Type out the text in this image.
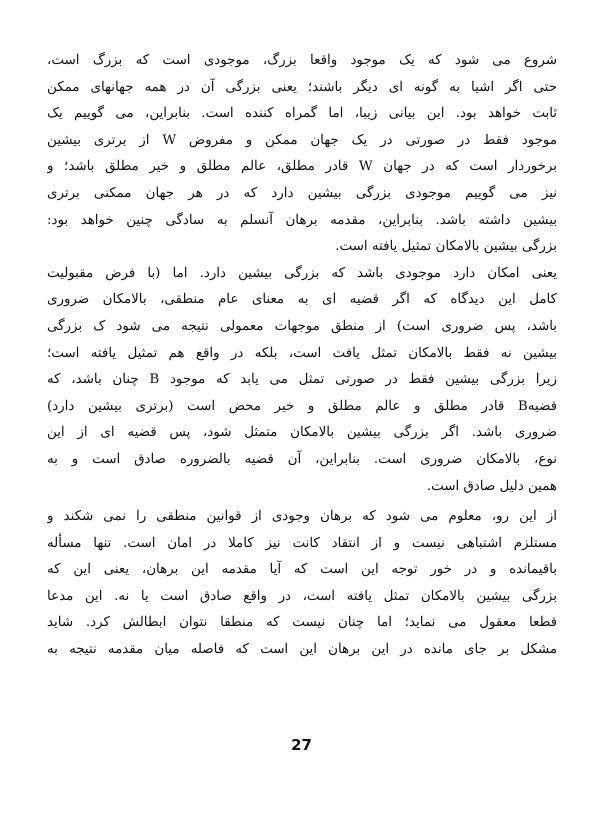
شروع می شود که یک موجود واقعا بزرگ، موجودی است که بزرگ است،
حتی اگر اشیا به گونه ای دیگر باشند؛ یعنی بزرگی آن در همه جهانهای ممکن
ثابت خواهد بود. این بیانی زیبا، اما گمراه کننده است. بنابراین، می گوییم یک
موجود فقط در صورتی در یک جهان ممکن و مفروض W از برتری بیشین
برخوردار است که در جهان W قادر مطلق، عالم مطلق و خیر مطلق باشد؛ و
نیز می گوییم موجودی بزرگی بیشین دارد که در هر جهان ممکنی برتری
بیشین داشته باشد. بنابراین، مقدمه برهان آنسلم به سادگی چنین خواهد بود:
بزرگی بیشین بالامکان تمثیل یافته است.
یعنی امکان دارد موجودی باشد که بزرگی بیشین دارد. اما (با فرض مقبولیت
کامل این دیدگاه که اگر قضیه ای به معنای عام منطقی، بالامکان ضروری
باشد، پس ضروری است) از منطق موجهات معمولی نتیجه می شود ک بزرگی
بیشین نه فقط بالامکان تمثل یافت است، بلکه در واقع هم تمثیل یافته است؛
زیرا بزرگی بیشین فقط در صورتی تمثل می یابد که موجود B چنان باشد، که
قضیهB قادر مطلق و عالم مطلق و خیر محض است (برتری بیشین دارد)
ضروری باشد. اگر بزرگی بیشین بالامکان متمثل شود، پس قضیه ای از این
نوع، بالامکان ضروری است. بنابراین، آن قضیه بالضروره صادق است و به
همین دلیل صادق است.
از این رو، معلوم می شود که برهان وجودی از قوانین منطقی را نمی شکند و
مستلزم اشتباهی نیست و از انتقاد کانت نیز کاملا در امان است. تنها مسأله
باقیمانده و در خور توجه این است که آیا مقدمه این برهان، یعنی این که
بزرگی بیشین بالامکان تمثل یافته است، در واقع صادق است یا نه. این مدعا
قطعا معقول می نماید؛ اما چنان نیست که منطقا نتوان ابطالش کرد. شاید
مشکل بر جای مانده در این برهان این است که فاصله میان مقدمه نتیجه به
27
